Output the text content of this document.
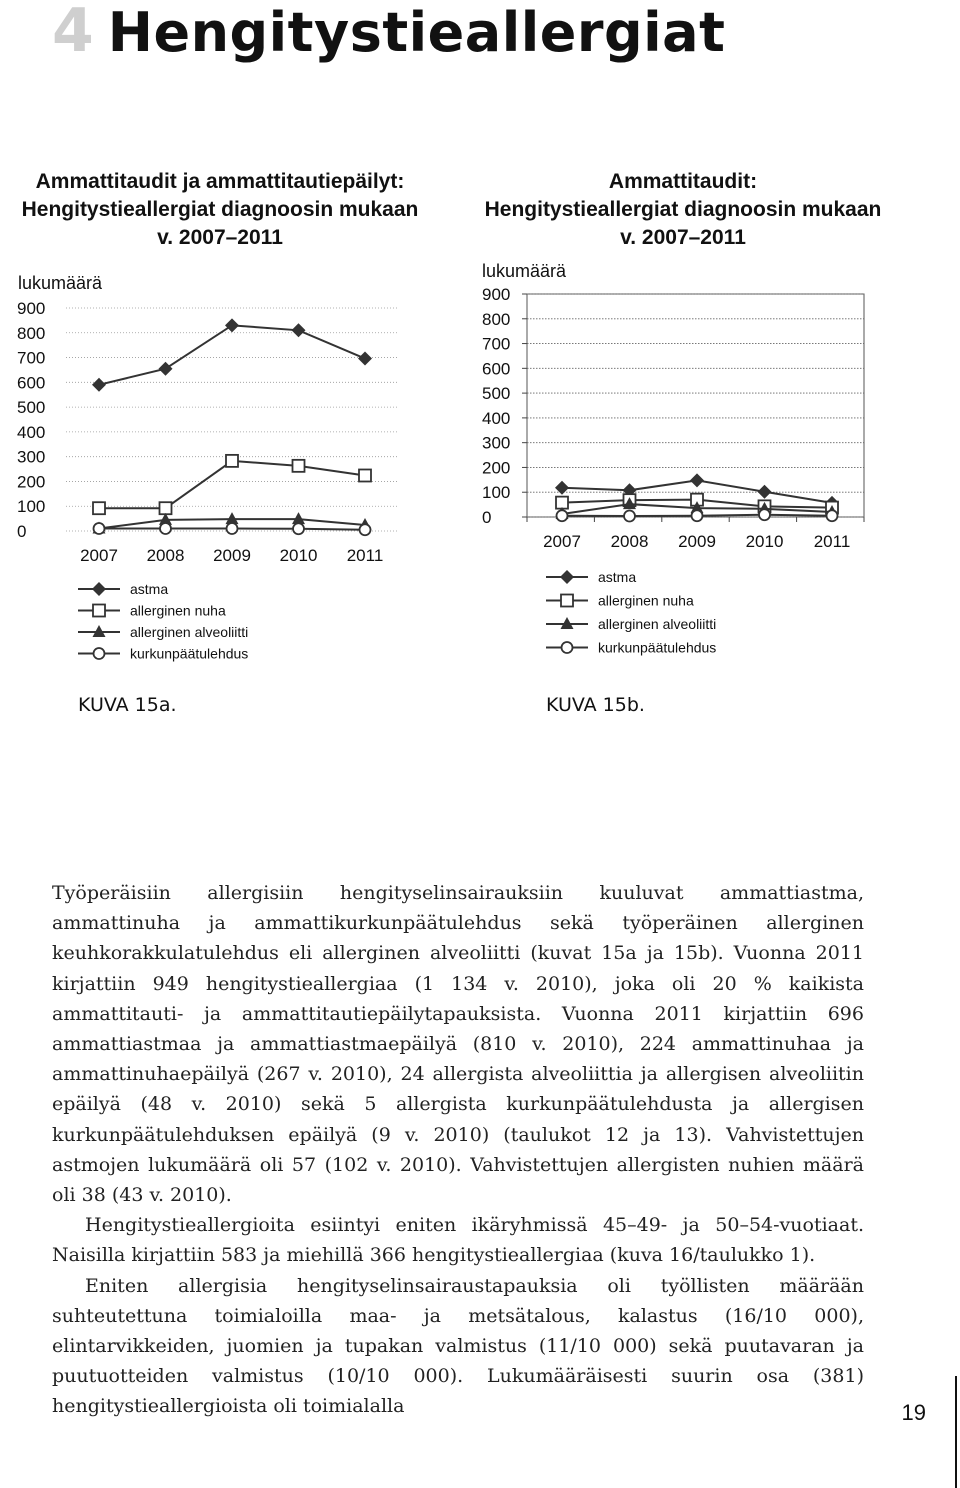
4 Hengitystieallergiat
Ammattitaudit ja ammattitautiepäilyt:
Hengitystieallergiat diagnoosin mukaan
v. 2007–2011
Ammattitaudit:
Hengitystieallergiat diagnoosin mukaan
v. 2007–2011
lukumäärä
900
800
700
600
500
400
300
200
100
0
2007 2008 2009 2010 2011
astma
allerginen nuha
allerginen alveoliitti
kurkunpäätulehdus
lukumäärä
900
800
700
600
500
400
300
200
100
0
2007 2008 2009 2010 2011
astma
allerginen nuha
allerginen alveoliitti
kurkunpäätulehdus
KUVA 15a.	KUVA 15b.

Työperäisiin allergisiin hengityselinsairauksiin kuuluvat ammattiastma, ammattinuha ja ammattikurkunpäätulehdus sekä työperäinen allerginen keuhkorakkulatulehdus eli allerginen alveoliitti (kuvat 15a ja 15b). Vuonna 2011 kirjattiin 949 hengitystieallergiaa (1 134 v. 2010), joka oli 20 % kaikista ammattitauti- ja ammattitautiepäilytapauksista. Vuonna 2011 kirjattiin 696 ammattiastmaa ja ammattiastmaepäilyä (810 v. 2010), 224 ammattinuhaa ja ammattinuhaepäilyä (267 v. 2010), 24 allergista alveoliittia ja allergisen alveoliitin epäilyä (48 v. 2010) sekä 5 allergista kurkunpäätulehdusta ja allergisen kurkunpäätulehduksen epäilyä (9 v. 2010) (taulukot 12 ja 13). Vahvistettujen astmojen lukumäärä oli 57 (102 v. 2010). Vahvistettujen allergisten nuhien määrä oli 38 (43 v. 2010).

Hengitystieallergioita esiintyi eniten ikäryhmissä 45–49- ja 50–54-vuotiaat. Naisilla kirjattiin 583 ja miehillä 366 hengitystieallergiaa (kuva 16/taulukko 1).

Eniten allergisia hengityselinsairaustapauksia oli työllisten määrään suhteutettuna toimialoilla maa- ja metsätalous, kalastus (16/10 000), elintarvikkeiden, juomien ja tupakan valmistus (11/10 000) sekä puutavaran ja puutuotteiden valmistus (10/10 000). Lukumääräisesti suurin osa (381) hengitystieallergioista oli toimialalla	19
